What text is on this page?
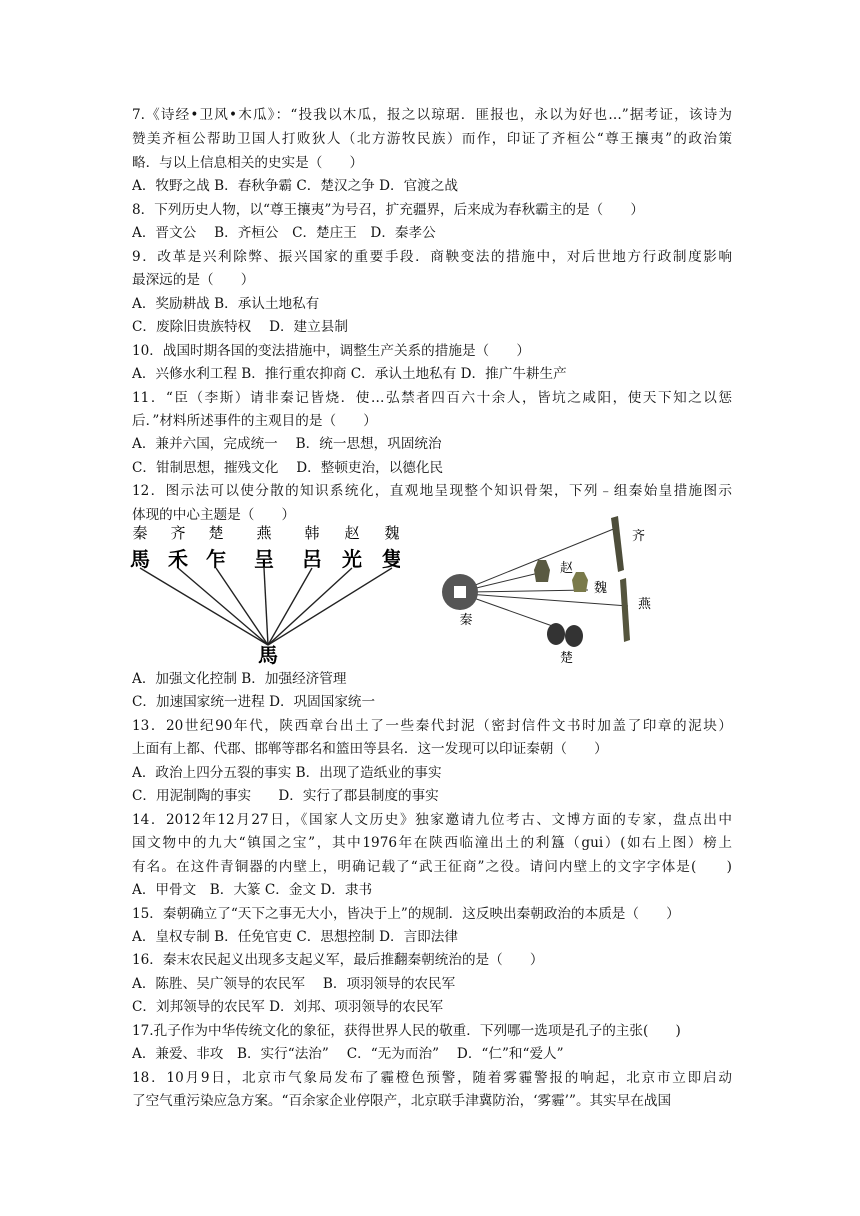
7.《诗经•卫风•木瓜》：“投我以木瓜，报之以琼琚．匪报也，永以为好也…”据考证，该诗为
赞美齐桓公帮助卫国人打败狄人（北方游牧民族）而作，印证了齐桓公“尊王攘夷”的政治策
略．与以上信息相关的史实是（　　）
A．牧野之战 B．春秋争霸 C．楚汉之争 D．官渡之战
8．下列历史人物，以“尊王攘夷”为号召，扩充疆界，后来成为春秋霸主的是（　　）
A．晋文公　 B．齐桓公　C．楚庄王　D．秦孝公
9．改革是兴利除弊、振兴国家的重要手段．商鞅变法的措施中，对后世地方行政制度影响
最深远的是（　　）
A．奖励耕战 B．承认土地私有
C．废除旧贵族特权　 D．建立县制
10．战国时期各国的变法措施中，调整生产关系的措施是（　　）
A．兴修水利工程 B．推行重农抑商 C．承认土地私有 D．推广牛耕生产
11．“臣（李斯）请非秦记皆烧．使…弘禁者四百六十余人，皆坑之咸阳，使天下知之以惩
后．”材料所述事件的主观目的是（　　）
A．兼并六国，完成统一　 B．统一思想，巩固统治
C．钳制思想，摧残文化　 D．整顿吏治，以德化民
12．图示法可以使分散的知识系统化，直观地呈现整个知识骨架，下列﹣组秦始皇措施图示
体现的中心主题是（　　）
秦 齐 楚 燕 韩 赵 魏
馬 禾 乍 呈 呂 光 隻
馬
秦
齐
赵
魏
燕
楚
A．加强文化控制 B．加强经济管理
C．加速国家统一进程 D．巩固国家统一
13．20世纪90年代，陕西章台出土了一些秦代封泥（密封信件文书时加盖了印章的泥块）
上面有上都、代郡、邯郸等郡名和篮田等县名．这一发现可以印证秦朝（　　）
A．政治上四分五裂的事实 B．出现了造纸业的事实
C．用泥制陶的事实　　D．实行了郡县制度的事实
14．2012年12月27日，《国家人文历史》独家邀请九位考古、文博方面的专家，盘点出中
国文物中的九大“镇国之宝”，其中1976年在陕西临潼出土的利簋（gui）(如右上图）榜上
有名。在这件青铜器的内壁上，明确记载了“武王征商”之役。请问内壁上的文字字体是(　　)
A．甲骨文　B．大篆 C．金文 D．隶书
15．秦朝确立了“天下之事无大小，皆决于上”的规制．这反映出秦朝政治的本质是（　　）
A．皇权专制 B．任免官吏 C．思想控制 D．言即法律
16．秦末农民起义出现多支起义军，最后推翻秦朝统治的是（　　）
A．陈胜、吴广领导的农民军　 B．项羽领导的农民军
C．刘邦领导的农民军 D．刘邦、项羽领导的农民军
17.孔子作为中华传统文化的象征，获得世界人民的敬重．下列哪一选项是孔子的主张(　　)
A．兼爱、非攻　B．实行“法治”　 C．“无为而治”　 D．“仁”和“爱人”
18．10月9日，北京市气象局发布了霾橙色预警，随着雾霾警报的响起，北京市立即启动
了空气重污染应急方案。“百余家企业停限产，北京联手津冀防治，‘雾霾’”。其实早在战国
